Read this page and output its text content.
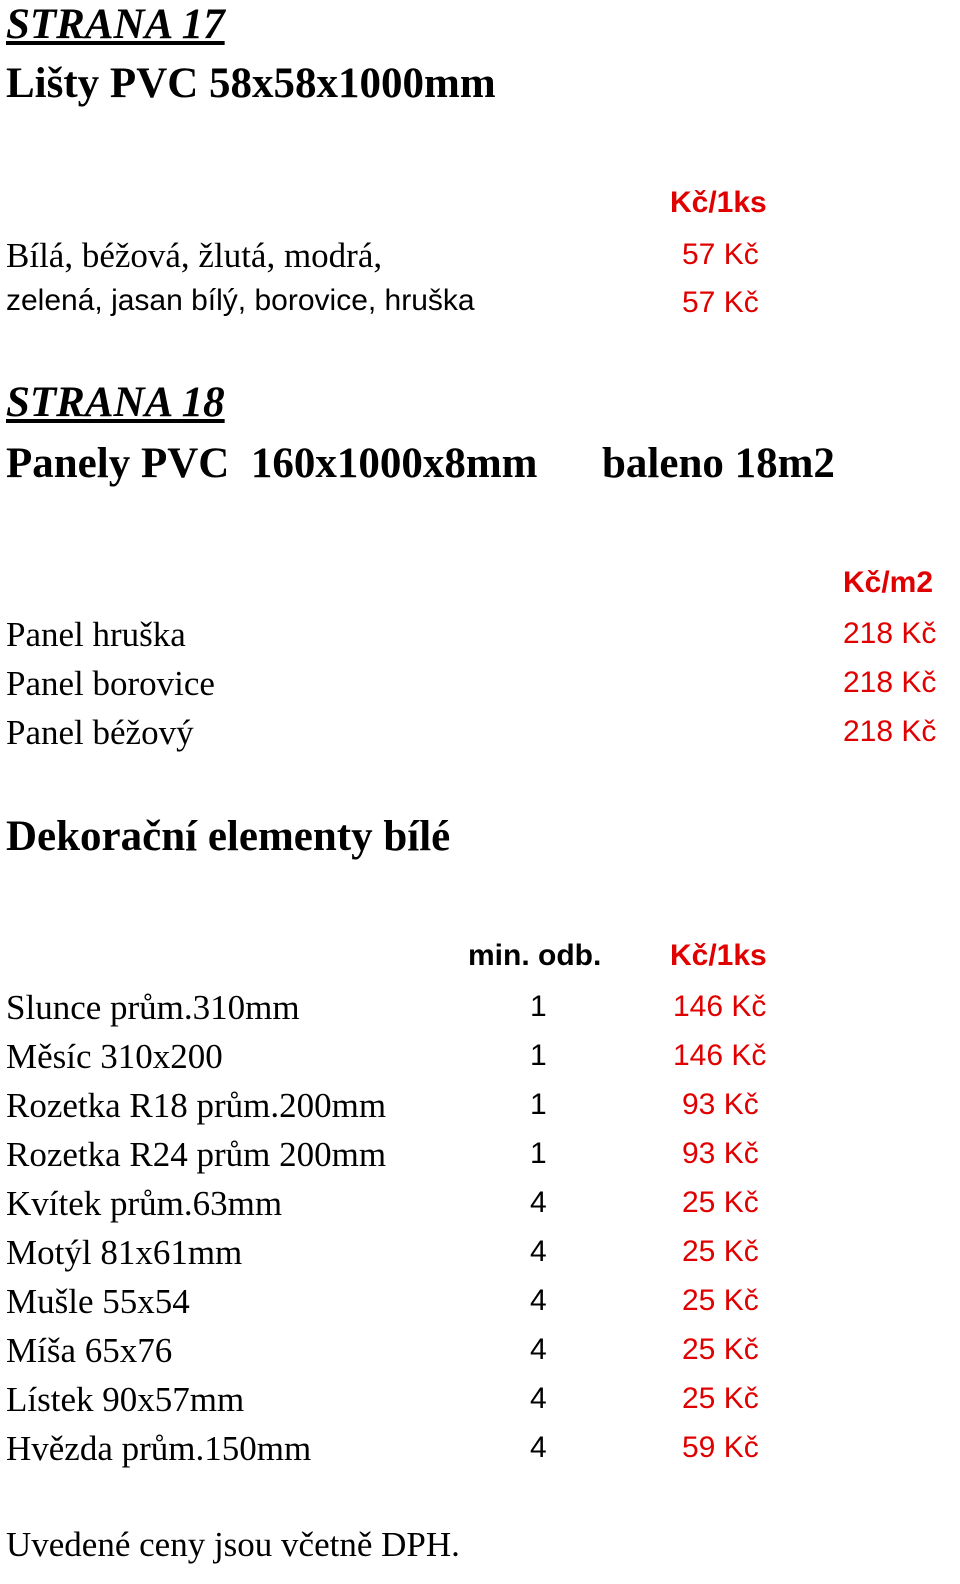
STRANA 17
Lišty PVC 58x58x1000mm
Kč/1ks
Bílá, béžová, žlutá, modrá,	57 Kč
zelená, jasan bílý, borovice, hruška	57 Kč
STRANA 18
Panely PVC  160x1000x8mm baleno 18m2
Kč/m2
Panel hruška	218 Kč
Panel borovice	218 Kč
Panel béžový	218 Kč
Dekorační elementy bílé
min. odb. Kč/1ks
Slunce prům.310mm	1	146 Kč
Měsíc 310x200	1	146 Kč
Rozetka R18 prům.200mm	1	93 Kč
Rozetka R24 prům 200mm	1	93 Kč
Kvítek prům.63mm	4	25 Kč
Motýl 81x61mm	4	25 Kč
Mušle 55x54	4	25 Kč
Míša 65x76	4	25 Kč
Lístek 90x57mm	4	25 Kč
Hvězda prům.150mm	4	59 Kč
Uvedené ceny jsou včetně DPH.
